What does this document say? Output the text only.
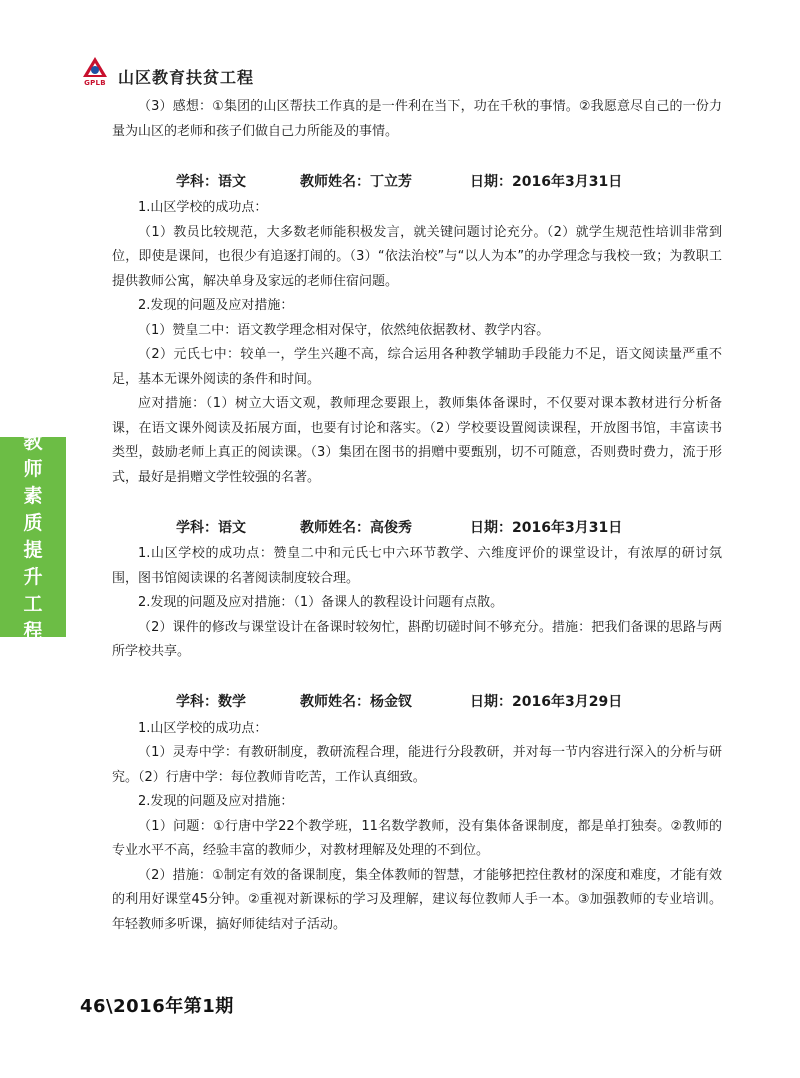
GPLB 山区教育扶贫工程
教
师
素
质
提
升
工
程

（3）感想：①集团的山区帮扶工作真的是一件利在当下，功在千秋的事情。②我愿意尽自己的一份力量为山区的老师和孩子们做自己力所能及的事情。

学科：语文	教师姓名：丁立芳	日期：2016年3月31日

1.山区学校的成功点：

（1）教员比较规范，大多数老师能积极发言，就关键问题讨论充分。（2）就学生规范性培训非常到位，即使是课间，也很少有追逐打闹的。（3）“依法治校”与“以人为本”的办学理念与我校一致；为教职工提供教师公寓，解决单身及家远的老师住宿问题。

2.发现的问题及应对措施：

（1）赞皇二中：语文教学理念相对保守，依然纯依据教材、教学内容。

（2）元氏七中：较单一，学生兴趣不高，综合运用各种教学辅助手段能力不足，语文阅读量严重不足，基本无课外阅读的条件和时间。

应对措施：（1）树立大语文观，教师理念要跟上，教师集体备课时，不仅要对课本教材进行分析备课，在语文课外阅读及拓展方面，也要有讨论和落实。（2）学校要设置阅读课程，开放图书馆，丰富读书类型，鼓励老师上真正的阅读课。（3）集团在图书的捐赠中要甄别，切不可随意，否则费时费力，流于形式，最好是捐赠文学性较强的名著。

学科：语文	教师姓名：高俊秀	日期：2016年3月31日

1.山区学校的成功点：赞皇二中和元氏七中六环节教学、六维度评价的课堂设计，有浓厚的研讨氛围，图书馆阅读课的名著阅读制度较合理。

2.发现的问题及应对措施：（1）备课人的教程设计问题有点散。

（2）课件的修改与课堂设计在备课时较匆忙，斟酌切磋时间不够充分。措施：把我们备课的思路与两所学校共享。

学科：数学	教师姓名：杨金钗	日期：2016年3月29日

1.山区学校的成功点：

（1）灵寿中学：有教研制度，教研流程合理，能进行分段教研，并对每一节内容进行深入的分析与研究。（2）行唐中学：每位教师肯吃苦，工作认真细致。

2.发现的问题及应对措施：

（1）问题：①行唐中学22个教学班，11名数学教师，没有集体备课制度，都是单打独奏。②教师的专业水平不高，经验丰富的教师少，对教材理解及处理的不到位。

（2）措施：①制定有效的备课制度，集全体教师的智慧，才能够把控住教材的深度和难度，才能有效的利用好课堂45分钟。②重视对新课标的学习及理解，建议每位教师人手一本。③加强教师的专业培训。年轻教师多听课，搞好师徒结对子活动。

46\2016年第1期
